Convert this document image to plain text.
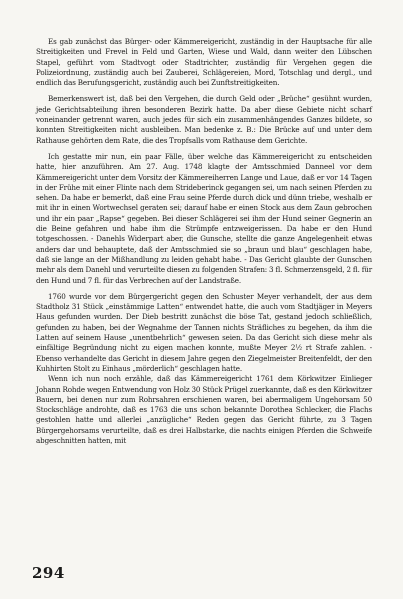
Es gab zunächst das Bürger- oder Kämmereigericht, zuständig in der Hauptsache für alle Streitigkeiten und Frevel in Feld und Garten, Wiese und Wald, dann weiter den Lübschen Stapel, geführt vom Stadtvogt oder Stadtrichter, zuständig für Vergehen gegen die Polizeiordnung, zuständig auch bei Zauberei, Schlägereien, Mord, Totschlag und dergl., und endlich das Berufungsgericht, zuständig auch bei Zunftstreitigkeiten.

Bemerkenswert ist, daß bei den Vergehen, die durch Geld oder „Brüche“ gesühnt wurden, jede Gerichtsabteilung ihren besonderen Bezirk hatte. Da aber diese Gebiete nicht scharf voneinander getrennt waren, auch jedes für sich ein zusammenhängendes Ganzes bildete, so konnten Streitigkeiten nicht ausbleiben. Man bedenke z. B.: Die Brücke auf und unter dem Rathause gehörten dem Rate, die des Tropfsalls vom Rathause dem Gerichte.

Ich gestatte mir nun, ein paar Fälle, über welche das Kämmereigericht zu entscheiden hatte, hier anzuführen. Am 27. Aug. 1748 klagte der Amtsschmied Danneel vor dem Kämmereigericht unter dem Vorsitz der Kämmereiherren Lange und Laue, daß er vor 14 Tagen in der Frühe mit einer Flinte nach dem Strideberinck gegangen sei, um nach seinen Pferden zu sehen. Da habe er bemerkt, daß eine Frau seine Pferde durch dick und dünn triebe, weshalb er mit ihr in einen Wortwechsel geraten sei; darauf habe er einen Stock aus dem Zaun gebrochen und ihr ein paar „Rapse“ gegeben. Bei dieser Schlägerei sei ihm der Hund seiner Gegnerin an die Beine gefahren und habe ihm die Strümpfe entzweigerissen. Da habe er den Hund totgeschossen. - Danehls Widerpart aber, die Gunsche, stellte die ganze Angelegenheit etwas anders dar und behauptete, daß der Amtsschmied sie so „braun und blau“ geschlagen habe, daß sie lange an der Mißhandlung zu leiden gehabt habe. - Das Gericht glaubte der Gunschen mehr als dem Danehl und verurteilte diesen zu folgenden Strafen: 3 fl. Schmerzensgeld, 2 fl. für den Hund und 7 fl. für das Verbrechen auf der Landstraße.

1760 wurde vor dem Bürgergericht gegen den Schuster Meyer verhandelt, der aus dem Stadtholz 31 Stück „einstämmige Latten“ entwendet hatte, die auch vom Stadtjäger in Meyers Haus gefunden wurden. Der Dieb bestritt zunächst die böse Tat, gestand jedoch schließlich, gefunden zu haben, bei der Wegnahme der Tannen nichts Sträfliches zu begehen, da ihm die Latten auf seinem Hause „unentbehrlich“ gewesen seien. Da das Gericht sich diese mehr als einfältige Begründung nicht zu eigen machen konnte, mußte Meyer 2½ rt Strafe zahlen. - Ebenso verhandelte das Gericht in diesem Jahre gegen den Ziegelmeister Breitenfeldt, der den Kuhhirten Stolt zu Einhaus „mörderlich“ geschlagen hatte.

Wenn ich nun noch erzähle, daß das Kämmereigericht 1761 dem Körkwitzer Einlieger Johann Rohde wegen Entwendung von Holz 30 Stück Prügel zuerkannte, daß es den Körkwitzer Bauern, bei denen nur zum Rohrsahren erschienen waren, bei abermaligem Ungehorsam 50 Stockschläge androhte, daß es 1763 die uns schon bekannte Dorothea Schlecker, die Flachs gestohlen hatte und allerlei „anzügliche“ Reden gegen das Gericht führte, zu 3 Tagen Bürgergehorsams verurteilte, daß es drei Halbstarke, die nachts einigen Pferden die Schweife abgeschnitten hatten, mit

294
